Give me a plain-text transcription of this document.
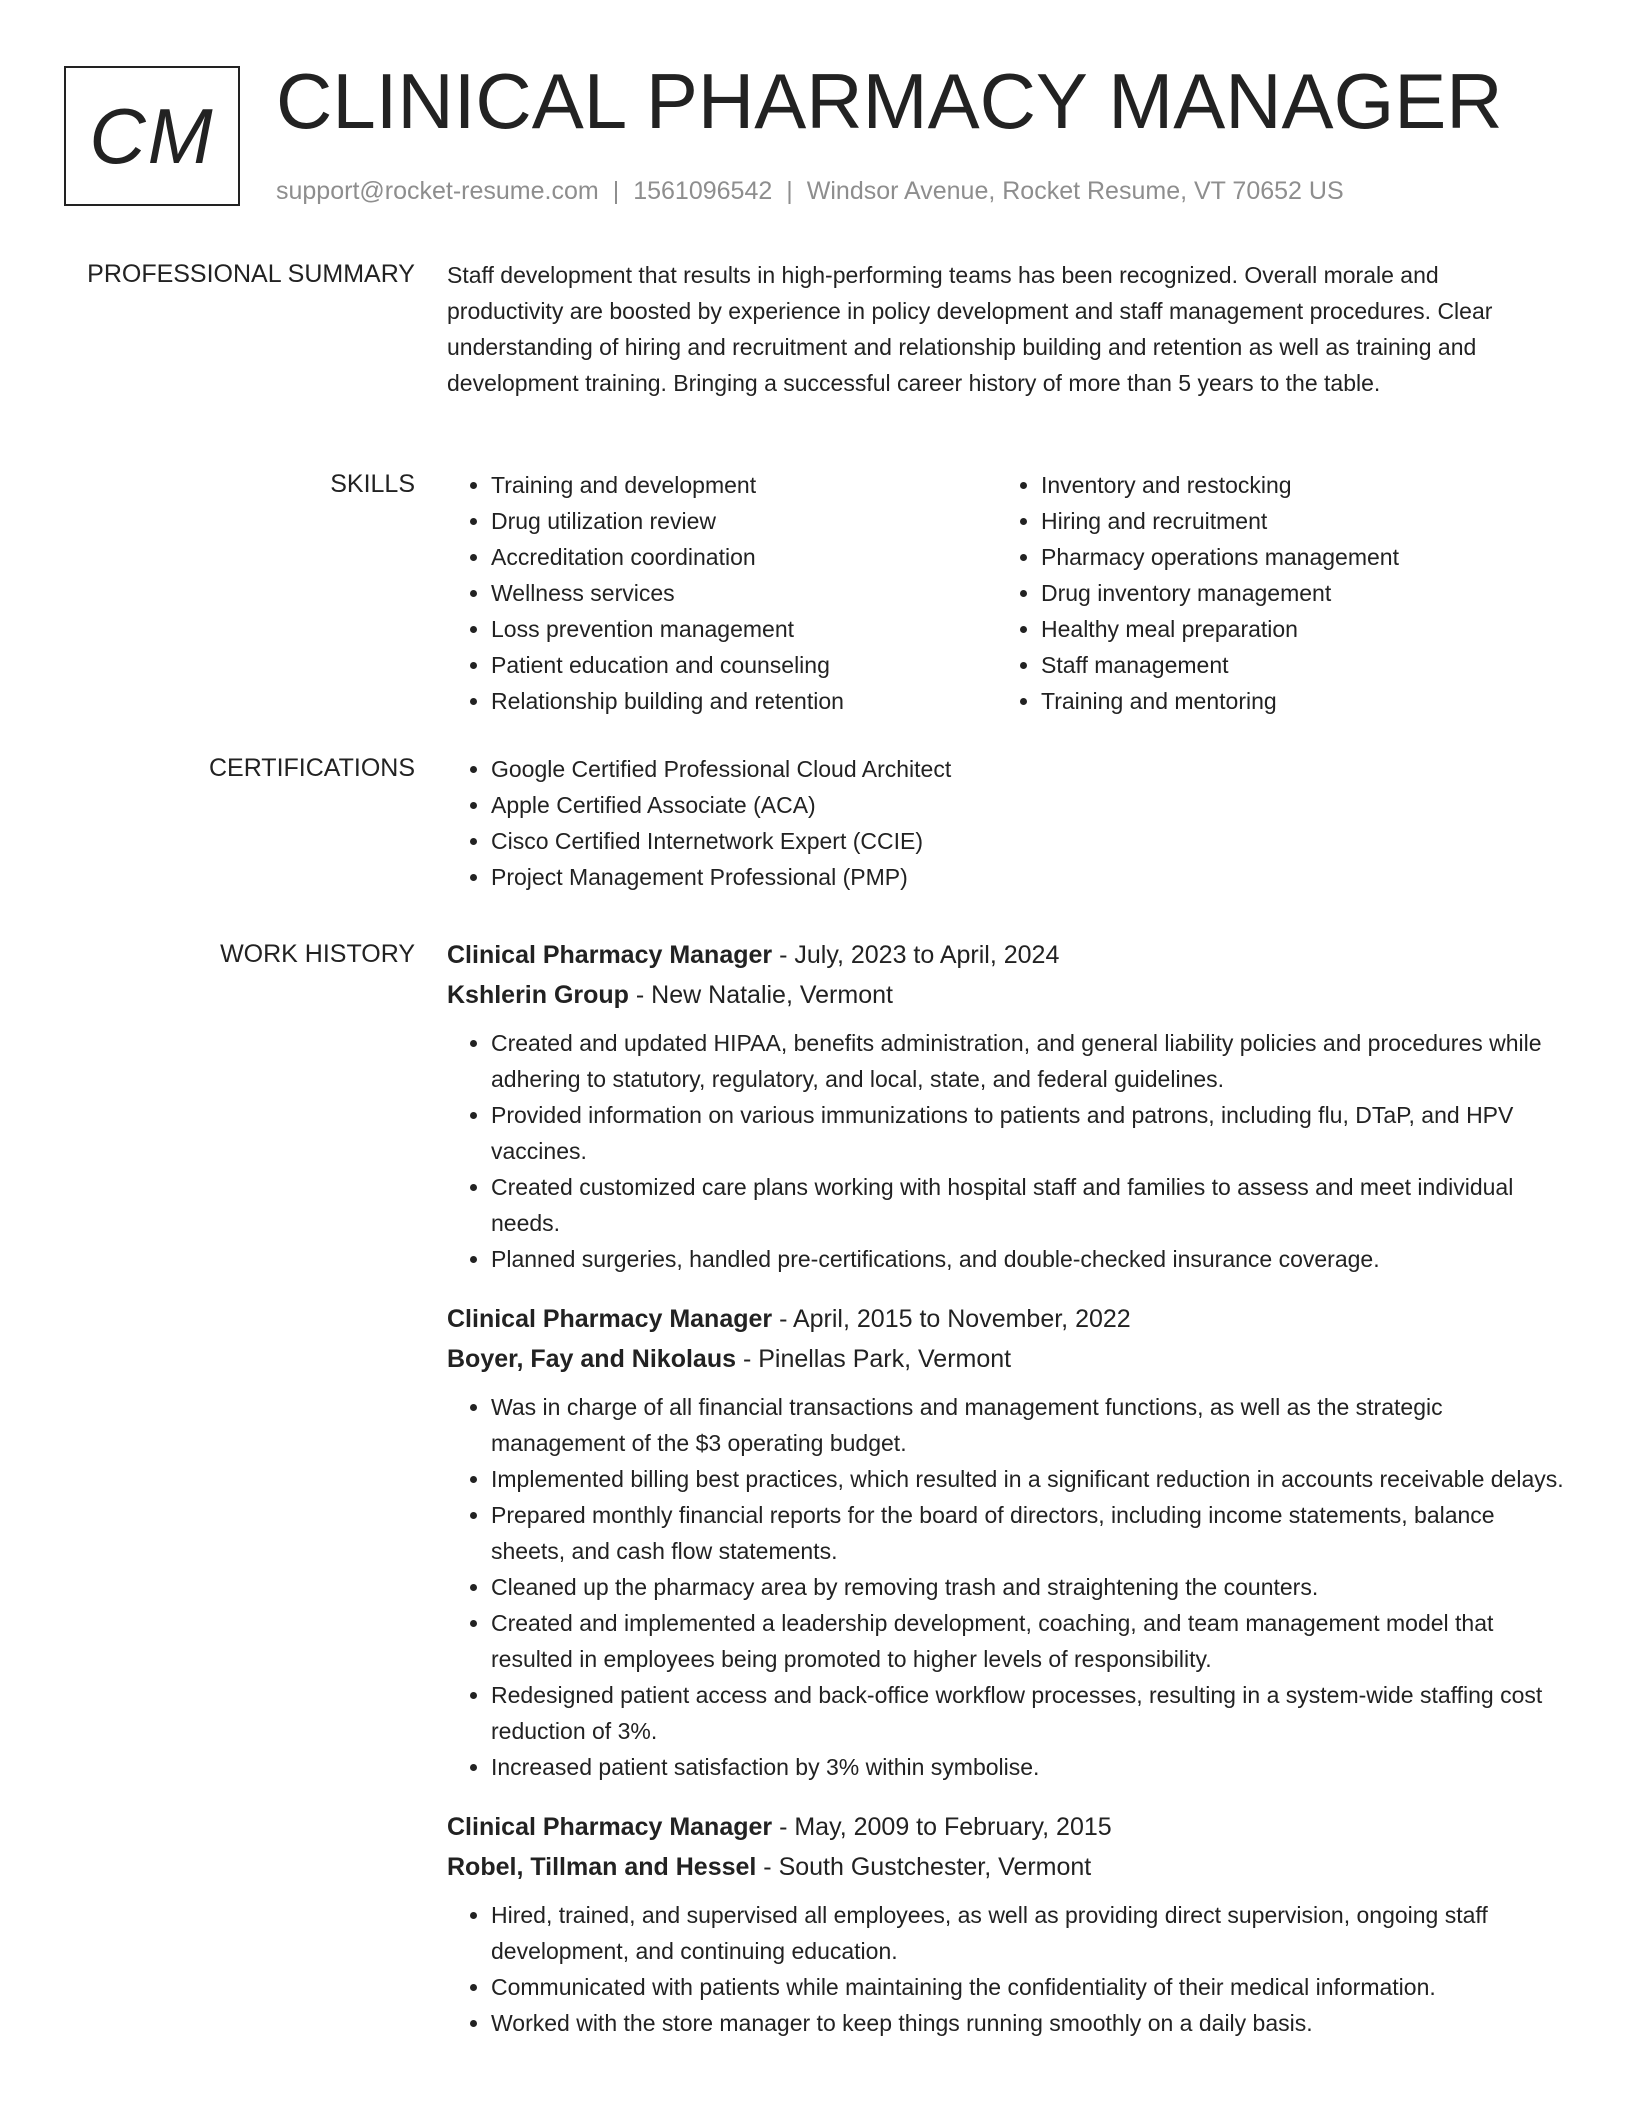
CM CLINICAL PHARMACY MANAGER
support@rocket-resume.com | 1561096542 | Windsor Avenue, Rocket Resume, VT 70652 US
PROFESSIONAL SUMMARY Staff development that results in high-performing teams has been recognized. Overall morale and productivity are boosted by experience in policy development and staff management procedures. Clear understanding of hiring and recruitment and relationship building and retention as well as training and development training. Bringing a successful career history of more than 5 years to the table.

SKILLS	• Training and development
• Drug utilization review
• Accreditation coordination
• Wellness services
• Loss prevention management
• Patient education and counseling
• Relationship building and retention
• Inventory and restocking
• Hiring and recruitment
• Pharmacy operations management
• Drug inventory management
• Healthy meal preparation
• Staff management
• Training and mentoring
CERTIFICATIONS	• Google Certified Professional Cloud Architect
• Apple Certified Associate (ACA)
• Cisco Certified Internetwork Expert (CCIE)
• Project Management Professional (PMP)
WORK HISTORY Clinical Pharmacy Manager - July, 2023 to April, 2024
Kshlerin Group - New Natalie, Vermont
• Created and updated HIPAA, benefits administration, and general liability policies and procedures while adhering to statutory, regulatory, and local, state, and federal guidelines.
• Provided information on various immunizations to patients and patrons, including flu, DTaP, and HPV vaccines.
• Created customized care plans working with hospital staff and families to assess and meet individual needs.
• Planned surgeries, handled pre-certifications, and double-checked insurance coverage.
Clinical Pharmacy Manager - April, 2015 to November, 2022
Boyer, Fay and Nikolaus - Pinellas Park, Vermont
• Was in charge of all financial transactions and management functions, as well as the strategic management of the $3 operating budget.
• Implemented billing best practices, which resulted in a significant reduction in accounts receivable delays.
• Prepared monthly financial reports for the board of directors, including income statements, balance sheets, and cash flow statements.
• Cleaned up the pharmacy area by removing trash and straightening the counters.
• Created and implemented a leadership development, coaching, and team management model that resulted in employees being promoted to higher levels of responsibility.
• Redesigned patient access and back-office workflow processes, resulting in a system-wide staffing cost reduction of 3%.
• Increased patient satisfaction by 3% within symbolise.
Clinical Pharmacy Manager - May, 2009 to February, 2015
Robel, Tillman and Hessel - South Gustchester, Vermont
• Hired, trained, and supervised all employees, as well as providing direct supervision, ongoing staff development, and continuing education.
• Communicated with patients while maintaining the confidentiality of their medical information.
• Worked with the store manager to keep things running smoothly on a daily basis.
